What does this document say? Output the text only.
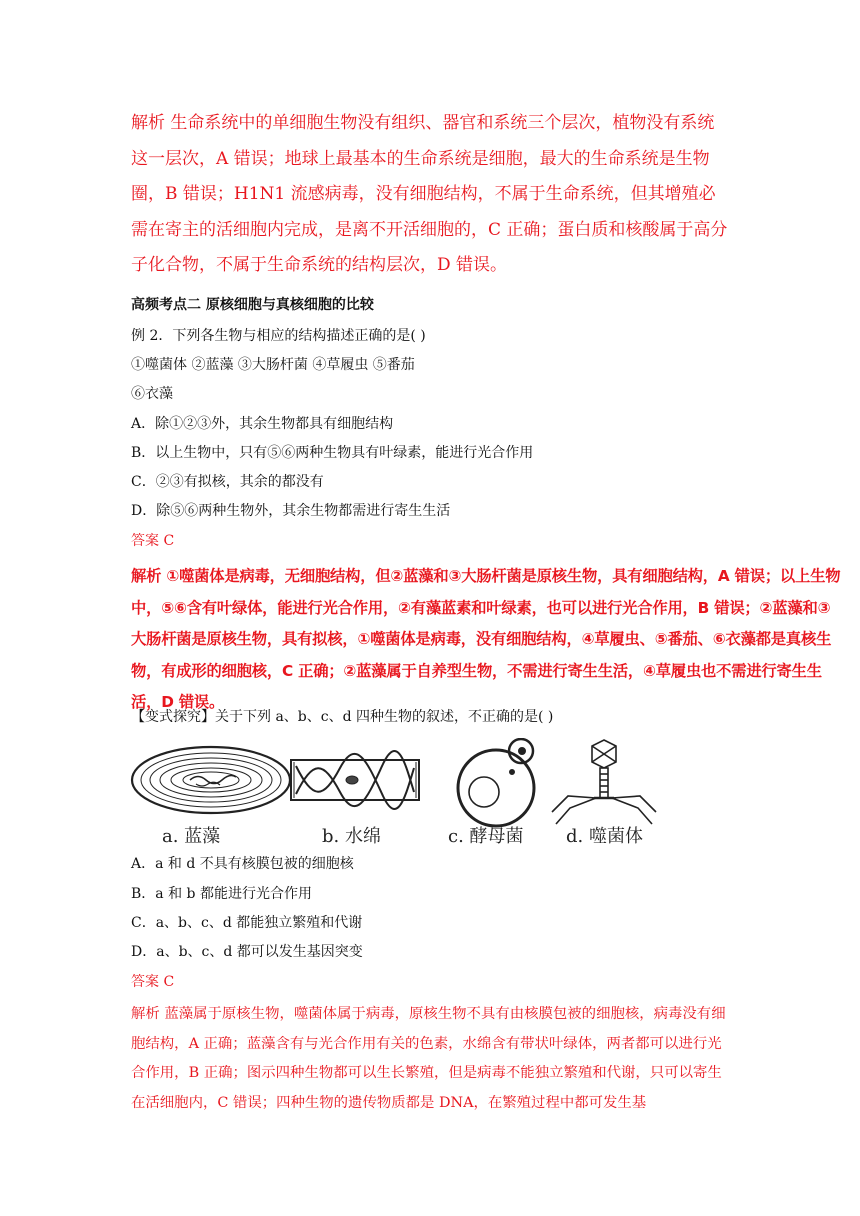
解析 生命系统中的单细胞生物没有组织、器官和系统三个层次，植物没有系统这一层次，A 错误；地球上最基本的生命系统是细胞，最大的生命系统是生物圈，B 错误；H1N1 流感病毒，没有细胞结构，不属于生命系统，但其增殖必需在寄主的活细胞内完成，是离不开活细胞的，C 正确；蛋白质和核酸属于高分子化合物，不属于生命系统的结构层次，D 错误。
高频考点二 原核细胞与真核细胞的比较
例 2．下列各生物与相应的结构描述正确的是( )
①噬菌体 ②蓝藻 ③大肠杆菌 ④草履虫 ⑤番茄
⑥衣藻
A．除①②③外，其余生物都具有细胞结构
B．以上生物中，只有⑤⑥两种生物具有叶绿素，能进行光合作用
C．②③有拟核，其余的都没有
D．除⑤⑥两种生物外，其余生物都需进行寄生生活
答案 C
解析 ①噬菌体是病毒，无细胞结构，但②蓝藻和③大肠杆菌是原核生物，具有细胞结构，A 错误；以上生物中，⑤⑥含有叶绿体，能进行光合作用，②有藻蓝素和叶绿素，也可以进行光合作用，B 错误；②蓝藻和③大肠杆菌是原核生物，具有拟核，①噬菌体是病毒，没有细胞结构，④草履虫、⑤番茄、⑥衣藻都是真核生物，有成形的细胞核，C 正确；②蓝藻属于自养型生物，不需进行寄生生活，④草履虫也不需进行寄生生活，D 错误。
【变式探究】关于下列 a、b、c、d 四种生物的叙述，不正确的是( )
a. 蓝藻	b. 水绵	c. 酵母菌 d. 噬菌体
A．a 和 d 不具有核膜包被的细胞核
B．a 和 b 都能进行光合作用
C．a、b、c、d 都能独立繁殖和代谢
D．a、b、c、d 都可以发生基因突变
答案 C
解析 蓝藻属于原核生物，噬菌体属于病毒，原核生物不具有由核膜包被的细胞核，病毒没有细胞结构，A 正确；蓝藻含有与光合作用有关的色素，水绵含有带状叶绿体，两者都可以进行光合作用，B 正确；图示四种生物都可以生长繁殖，但是病毒不能独立繁殖和代谢，只可以寄生在活细胞内，C 错误；四种生物的遗传物质都是 DNA，在繁殖过程中都可发生基
